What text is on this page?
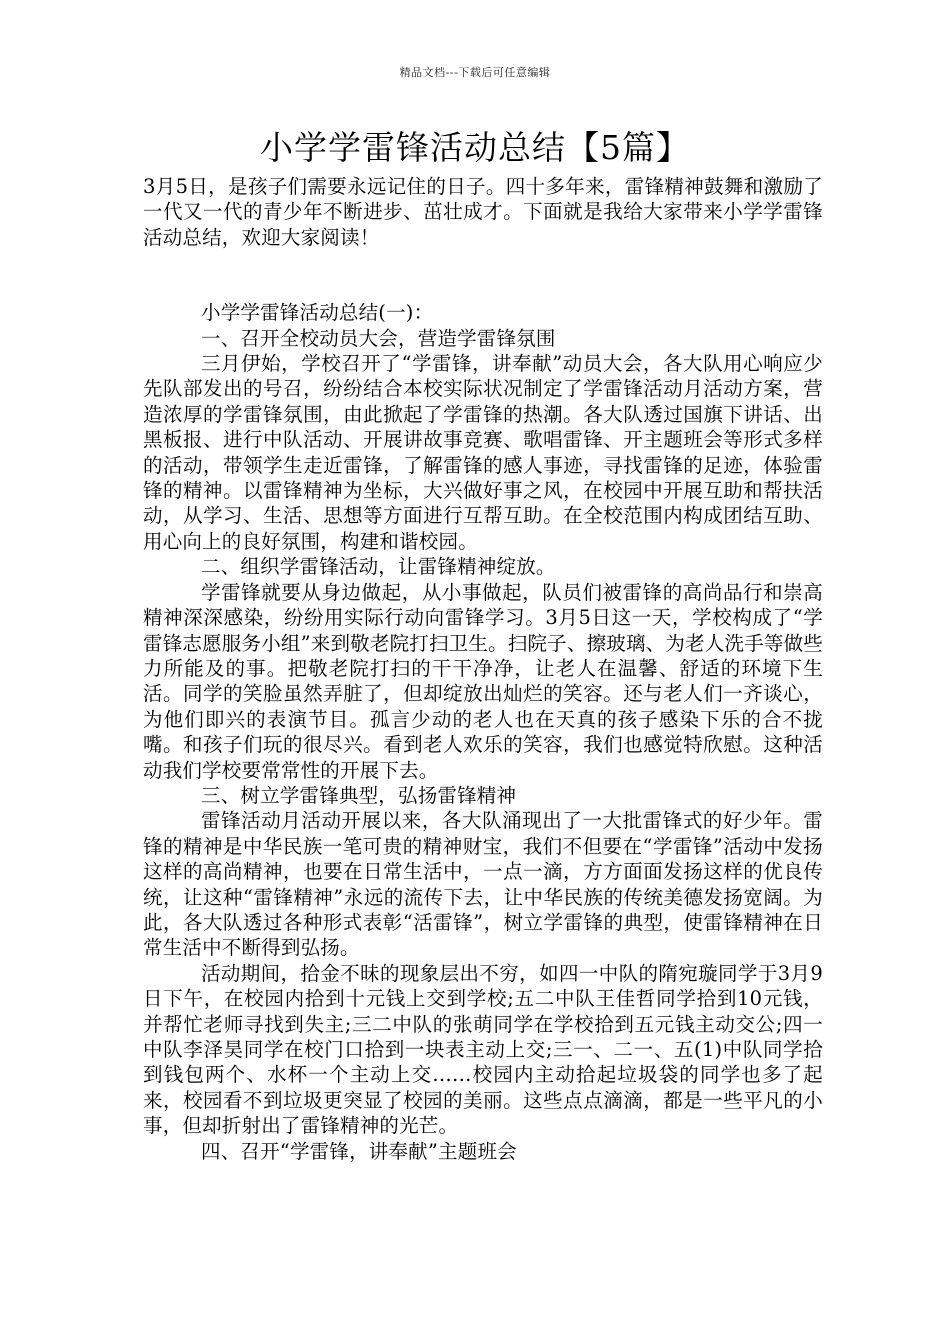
精品文档---下载后可任意编辑
小学学雷锋活动总结【5篇】

3月5日，是孩子们需要永远记住的日子。四十多年来，雷锋精神鼓舞和激励了一代又一代的青少年不断进步、茁壮成才。下面就是我给大家带来小学学雷锋活动总结，欢迎大家阅读！

小学学雷锋活动总结(一)：

一、召开全校动员大会，营造学雷锋氛围

三月伊始，学校召开了“学雷锋，讲奉献”动员大会，各大队用心响应少先队部发出的号召，纷纷结合本校实际状况制定了学雷锋活动月活动方案，营造浓厚的学雷锋氛围，由此掀起了学雷锋的热潮。各大队透过国旗下讲话、出黑板报、进行中队活动、开展讲故事竞赛、歌唱雷锋、开主题班会等形式多样的活动，带领学生走近雷锋，了解雷锋的感人事迹，寻找雷锋的足迹，体验雷锋的精神。以雷锋精神为坐标，大兴做好事之风，在校园中开展互助和帮扶活动，从学习、生活、思想等方面进行互帮互助。在全校范围内构成团结互助、用心向上的良好氛围，构建和谐校园。

二、组织学雷锋活动，让雷锋精神绽放。

学雷锋就要从身边做起，从小事做起，队员们被雷锋的高尚品行和崇高精神深深感染，纷纷用实际行动向雷锋学习。3月5日这一天，学校构成了“学雷锋志愿服务小组”来到敬老院打扫卫生。扫院子、擦玻璃、为老人洗手等做些力所能及的事。把敬老院打扫的干干净净，让老人在温馨、舒适的环境下生活。同学的笑脸虽然弄脏了，但却绽放出灿烂的笑容。还与老人们一齐谈心，为他们即兴的表演节目。孤言少动的老人也在天真的孩子感染下乐的合不拢嘴。和孩子们玩的很尽兴。看到老人欢乐的笑容，我们也感觉特欣慰。这种活动我们学校要常常性的开展下去。

三、树立学雷锋典型，弘扬雷锋精神

雷锋活动月活动开展以来，各大队涌现出了一大批雷锋式的好少年。雷锋的精神是中华民族一笔可贵的精神财宝，我们不但要在“学雷锋”活动中发扬这样的高尚精神，也要在日常生活中，一点一滴，方方面面发扬这样的优良传统，让这种“雷锋精神”永远的流传下去，让中华民族的传统美德发扬宽阔。为此，各大队透过各种形式表彰“活雷锋”，树立学雷锋的典型，使雷锋精神在日常生活中不断得到弘扬。

活动期间，拾金不昧的现象层出不穷，如四一中队的隋宛璇同学于3月9日下午，在校园内拾到十元钱上交到学校;五二中队王佳哲同学拾到10元钱，并帮忙老师寻找到失主;三二中队的张萌同学在学校拾到五元钱主动交公;四一中队李泽昊同学在校门口拾到一块表主动上交;三一、二一、五(1)中队同学拾到钱包两个、水杯一个主动上交……校园内主动拾起垃圾袋的同学也多了起来，校园看不到垃圾更突显了校园的美丽。这些点点滴滴，都是一些平凡的小事，但却折射出了雷锋精神的光芒。

四、召开“学雷锋，讲奉献”主题班会
